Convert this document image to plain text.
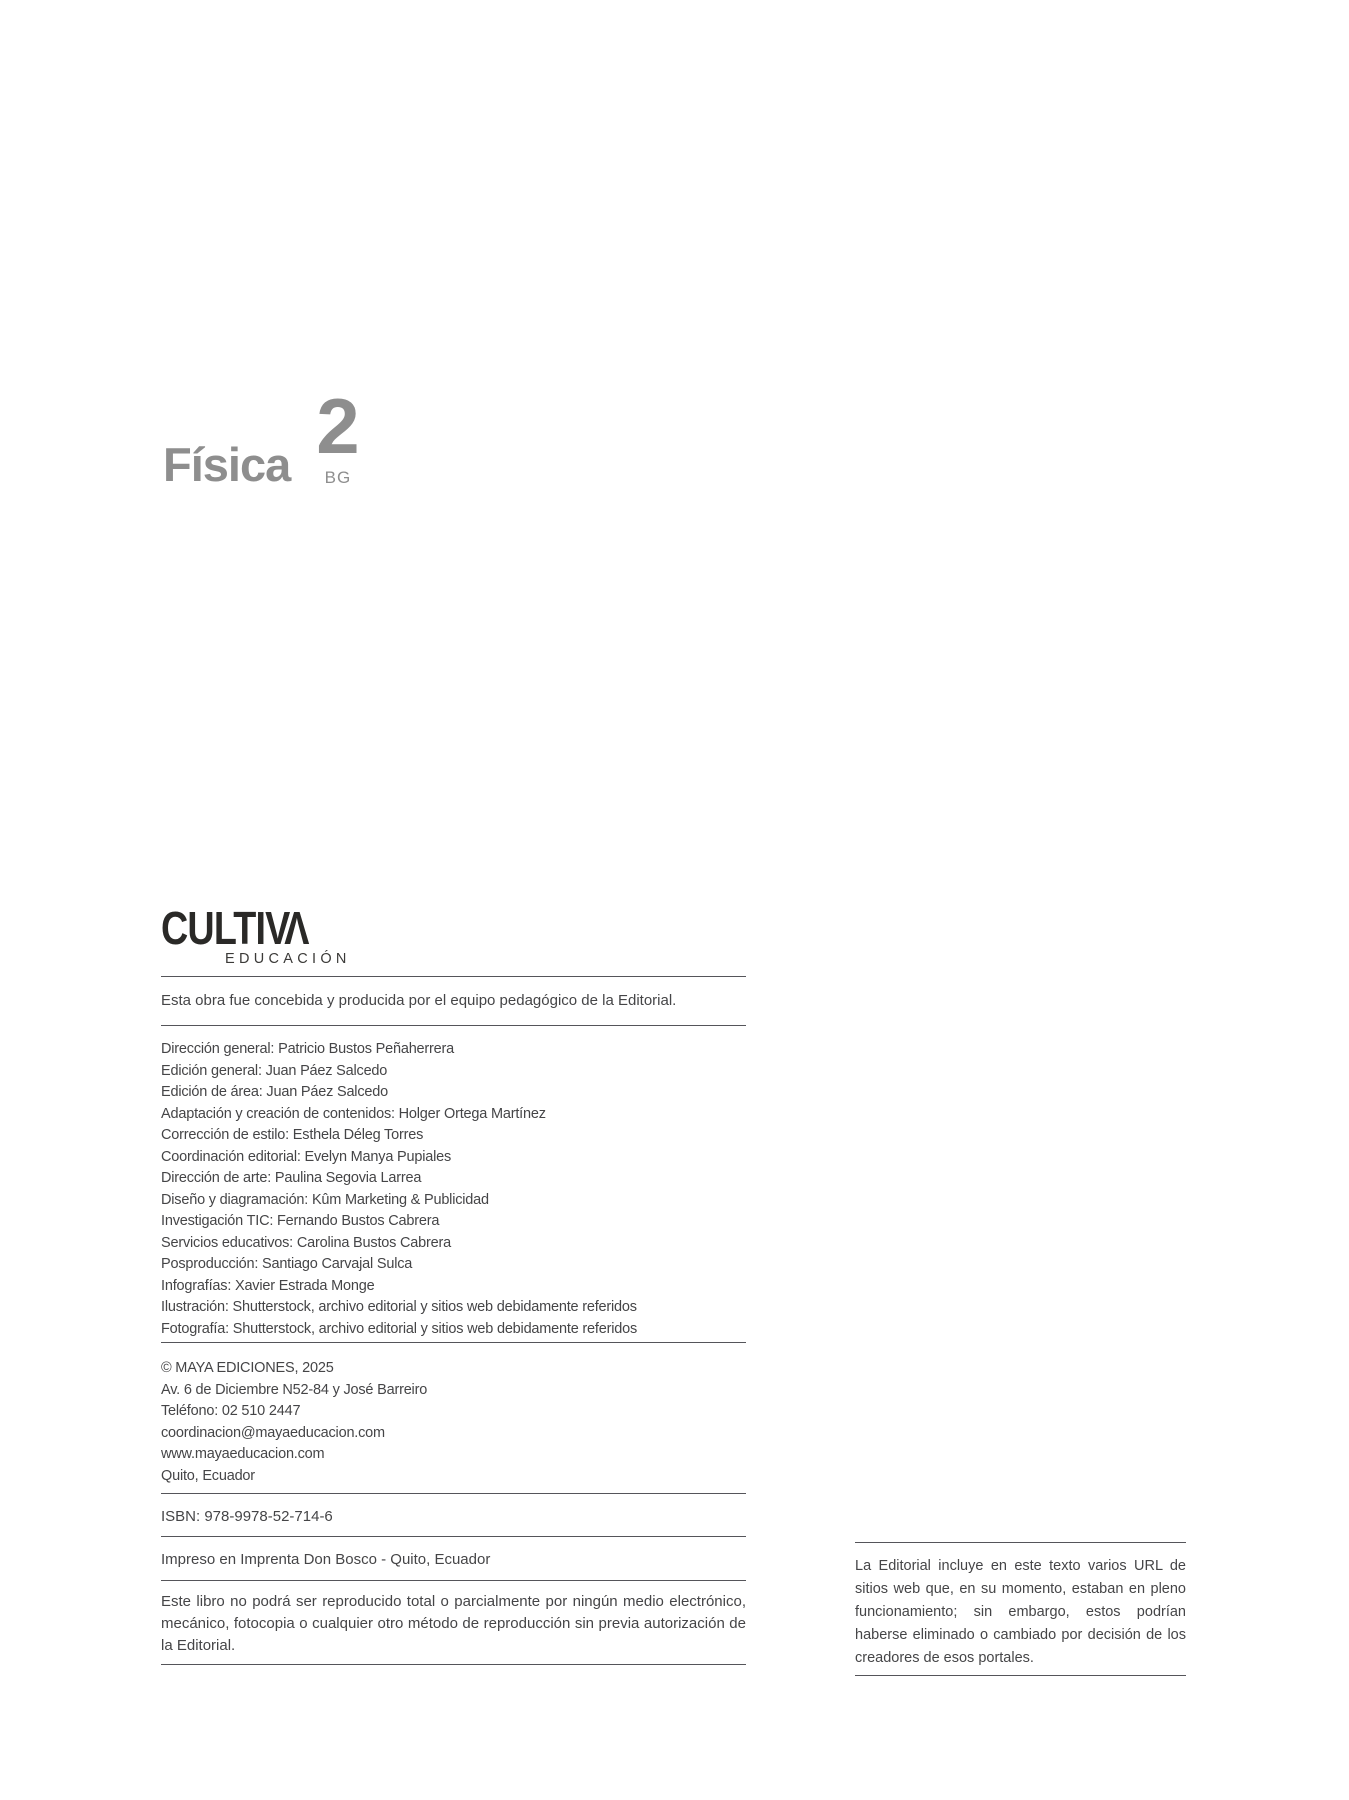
Física 2
BG
CULTIVΛ
EDUCACIÓN

Esta obra fue concebida y producida por el equipo pedagógico de la Editorial.

Dirección general: Patricio Bustos Peñaherrera
Edición general: Juan Páez Salcedo
Edición de área: Juan Páez Salcedo
Adaptación y creación de contenidos: Holger Ortega Martínez
Corrección de estilo: Esthela Déleg Torres
Coordinación editorial: Evelyn Manya Pupiales
Dirección de arte: Paulina Segovia Larrea
Diseño y diagramación: Kûm Marketing & Publicidad
Investigación TIC: Fernando Bustos Cabrera
Servicios educativos: Carolina Bustos Cabrera
Posproducción: Santiago Carvajal Sulca
Infografías: Xavier Estrada Monge
Ilustración: Shutterstock, archivo editorial y sitios web debidamente referidos
Fotografía: Shutterstock, archivo editorial y sitios web debidamente referidos
© MAYA EDICIONES, 2025
Av. 6 de Diciembre N52-84 y José Barreiro
Teléfono: 02 510 2447
coordinacion@mayaeducacion.com
www.mayaeducacion.com
Quito, Ecuador

ISBN: 978-9978-52-714-6

Impreso en Imprenta Don Bosco - Quito, Ecuador

Este libro no podrá ser reproducido total o parcialmente por ningún medio electrónico, mecánico, fotocopia o cualquier otro método de reproducción sin previa autorización de la Editorial.

La Editorial incluye en este texto varios URL de sitios web que, en su momento, estaban en pleno funcionamiento; sin embargo, estos podrían haberse eliminado o cambiado por decisión de los creadores de esos portales.
